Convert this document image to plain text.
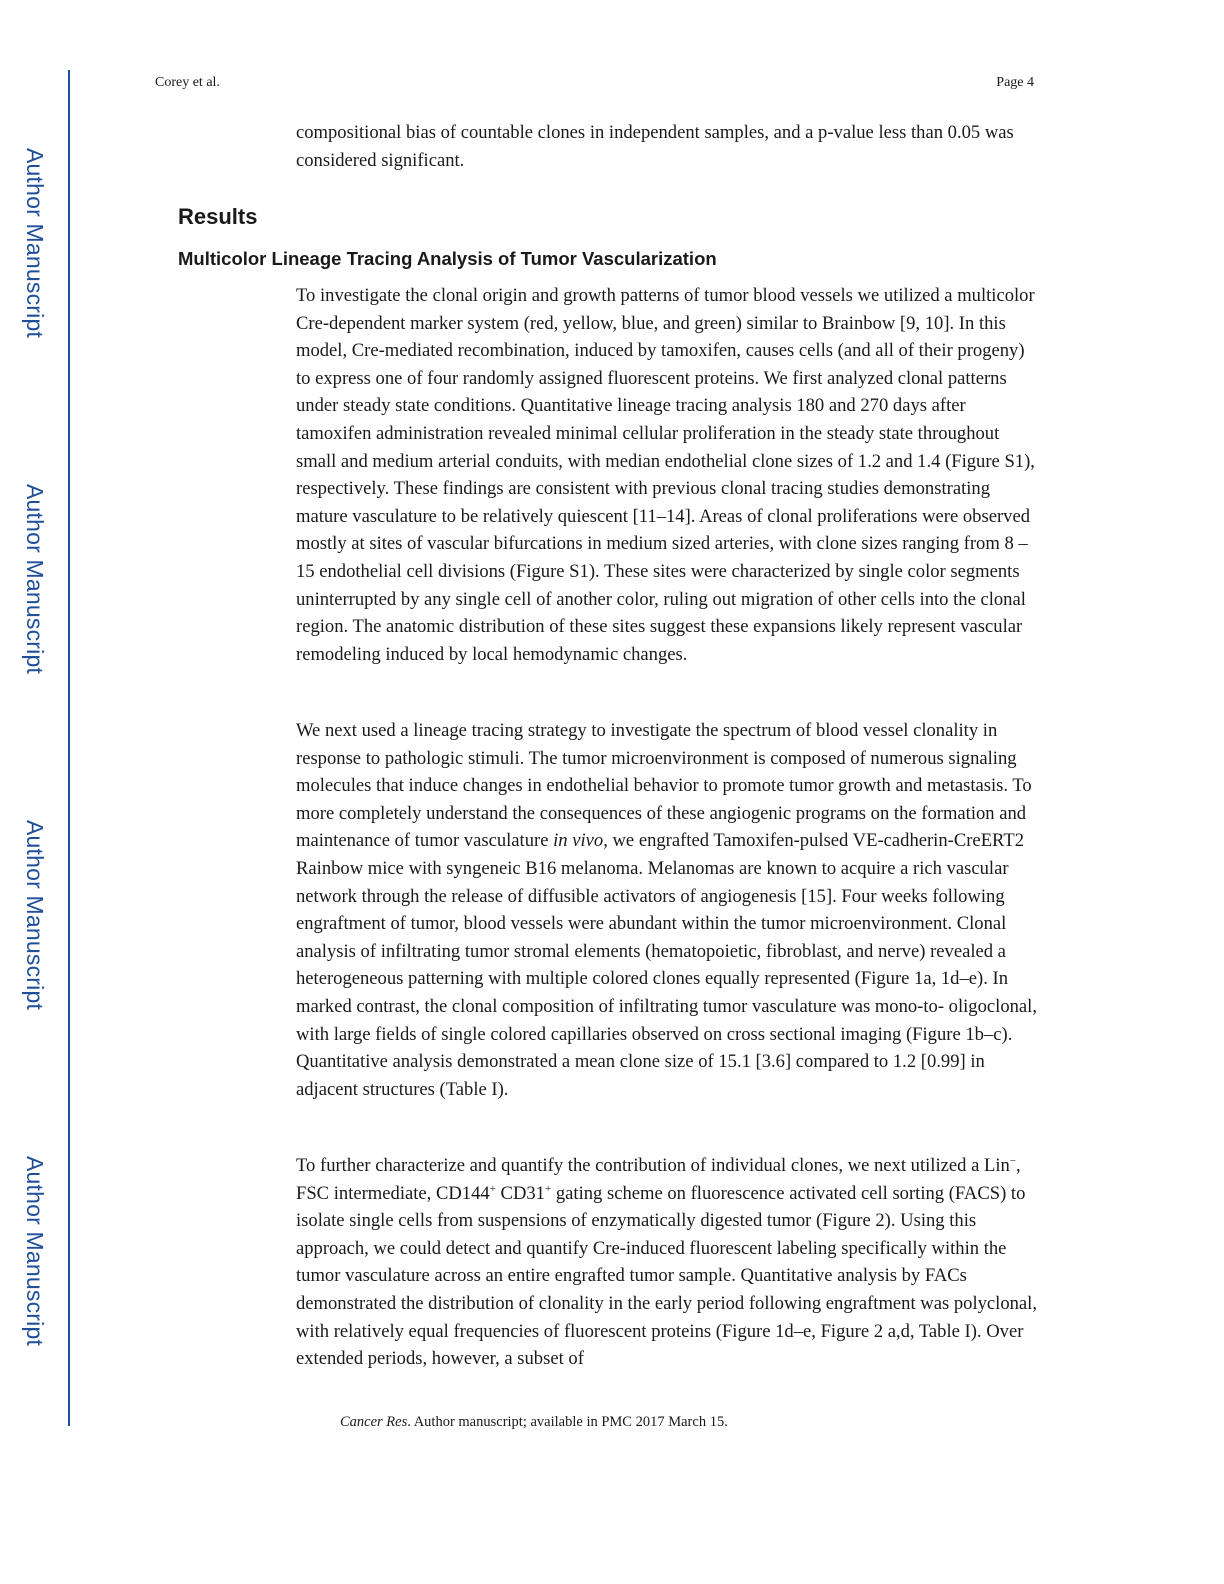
Author Manuscript
Author Manuscript
Author Manuscript
Author Manuscript
Corey et al.	Page 4

compositional bias of countable clones in independent samples, and a p-value less than 0.05 was considered significant.

Results
Multicolor Lineage Tracing Analysis of Tumor Vascularization

To investigate the clonal origin and growth patterns of tumor blood vessels we utilized a multicolor Cre-dependent marker system (red, yellow, blue, and green) similar to Brainbow [9, 10]. In this model, Cre-mediated recombination, induced by tamoxifen, causes cells (and all of their progeny) to express one of four randomly assigned fluorescent proteins. We first analyzed clonal patterns under steady state conditions. Quantitative lineage tracing analysis 180 and 270 days after tamoxifen administration revealed minimal cellular proliferation in the steady state throughout small and medium arterial conduits, with median endothelial clone sizes of 1.2 and 1.4 (Figure S1), respectively. These findings are consistent with previous clonal tracing studies demonstrating mature vasculature to be relatively quiescent [11–14]. Areas of clonal proliferations were observed mostly at sites of vascular bifurcations in medium sized arteries, with clone sizes ranging from 8 – 15 endothelial cell divisions (Figure S1). These sites were characterized by single color segments uninterrupted by any single cell of another color, ruling out migration of other cells into the clonal region. The anatomic distribution of these sites suggest these expansions likely represent vascular remodeling induced by local hemodynamic changes.

We next used a lineage tracing strategy to investigate the spectrum of blood vessel clonality in response to pathologic stimuli. The tumor microenvironment is composed of numerous signaling molecules that induce changes in endothelial behavior to promote tumor growth and metastasis. To more completely understand the consequences of these angiogenic programs on the formation and maintenance of tumor vasculature in vivo, we engrafted Tamoxifen-pulsed VE-cadherin-CreERT2 Rainbow mice with syngeneic B16 melanoma. Melanomas are known to acquire a rich vascular network through the release of diffusible activators of angiogenesis [15]. Four weeks following engraftment of tumor, blood vessels were abundant within the tumor microenvironment. Clonal analysis of infiltrating tumor stromal elements (hematopoietic, fibroblast, and nerve) revealed a heterogeneous patterning with multiple colored clones equally represented (Figure 1a, 1d–e). In marked contrast, the clonal composition of infiltrating tumor vasculature was mono-to- oligoclonal, with large fields of single colored capillaries observed on cross sectional imaging (Figure 1b–c). Quantitative analysis demonstrated a mean clone size of 15.1 [3.6] compared to 1.2 [0.99] in adjacent structures (Table I).

To further characterize and quantify the contribution of individual clones, we next utilized a Lin−, FSC intermediate, CD144+ CD31+ gating scheme on fluorescence activated cell sorting (FACS) to isolate single cells from suspensions of enzymatically digested tumor (Figure 2). Using this approach, we could detect and quantify Cre-induced fluorescent labeling specifically within the tumor vasculature across an entire engrafted tumor sample. Quantitative analysis by FACs demonstrated the distribution of clonality in the early period following engraftment was polyclonal, with relatively equal frequencies of fluorescent proteins (Figure 1d–e, Figure 2 a,d, Table I). Over extended periods, however, a subset of

Cancer Res. Author manuscript; available in PMC 2017 March 15.
